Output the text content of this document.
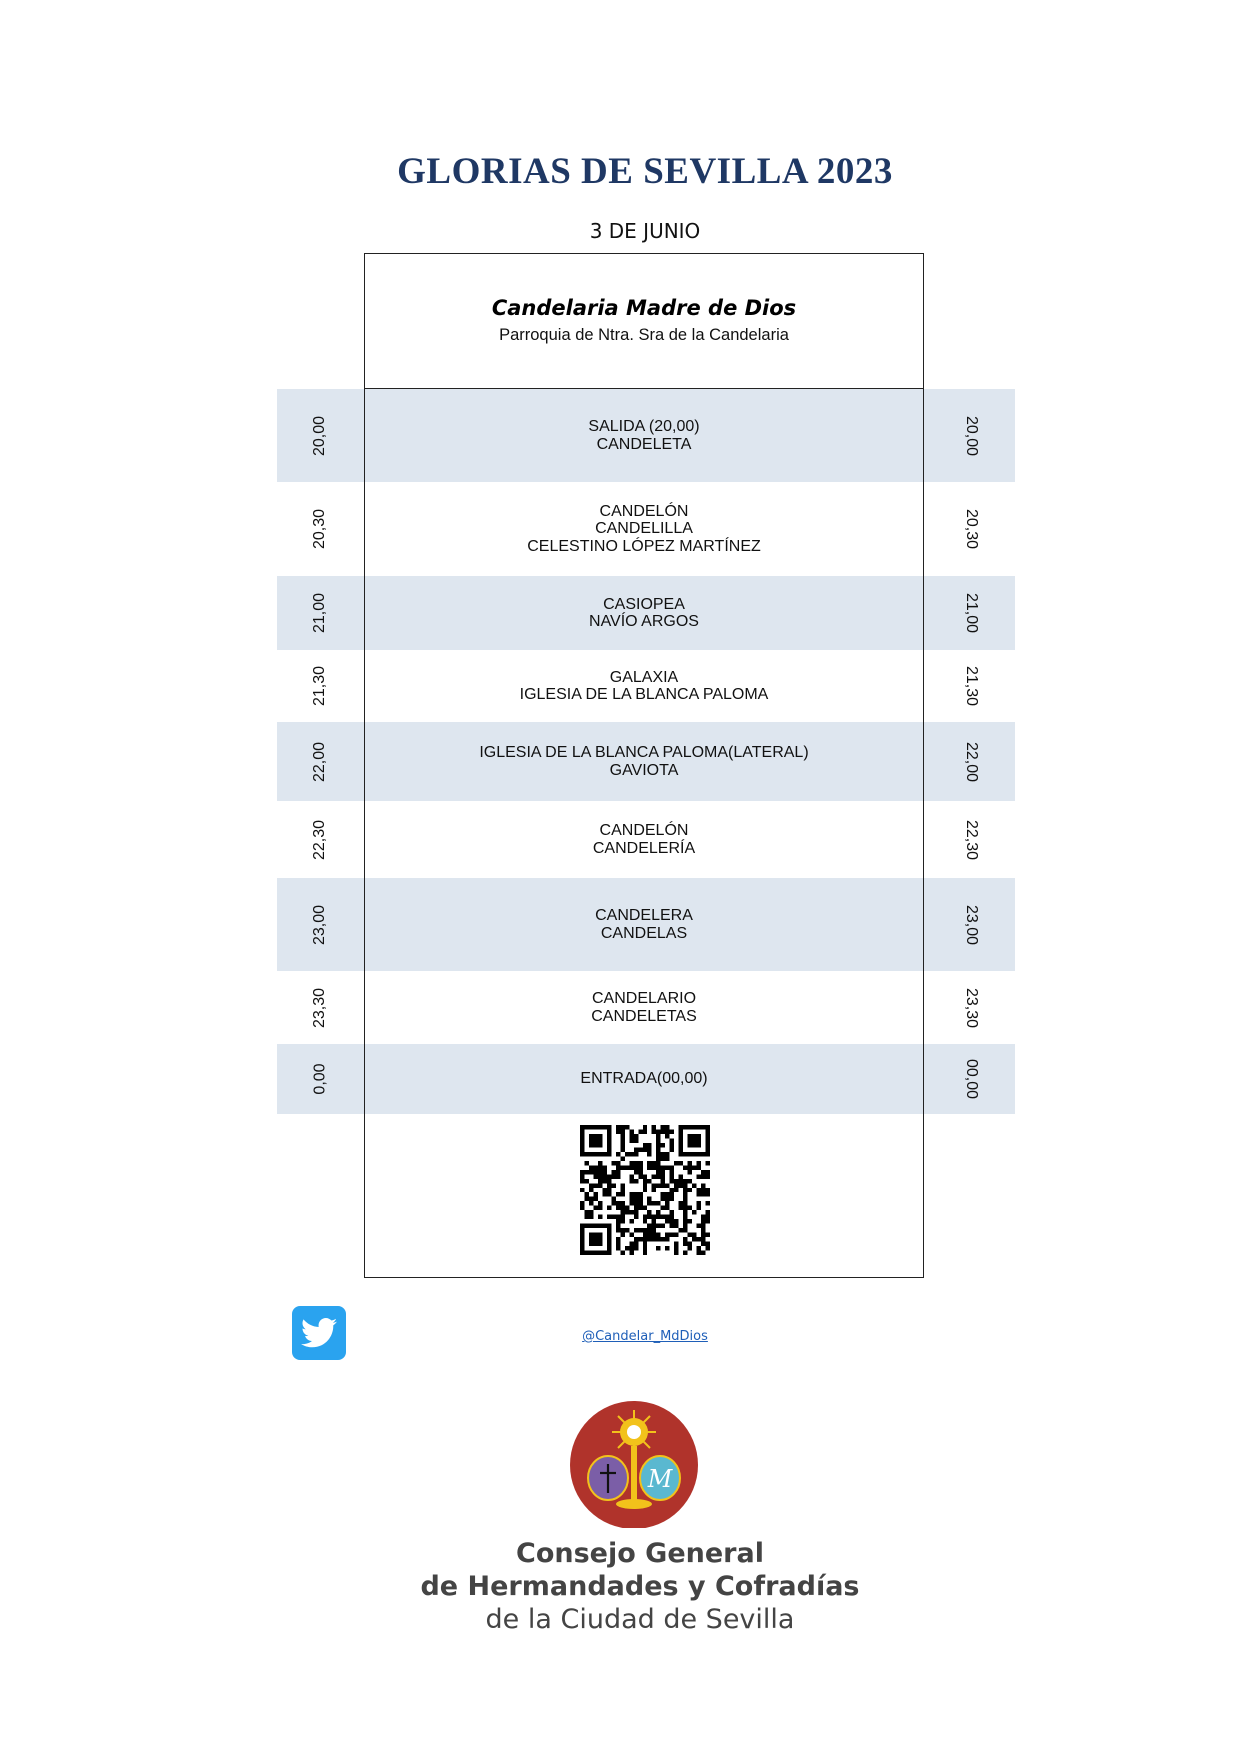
GLORIAS DE SEVILLA 2023
3 DE JUNIO
Candelaria Madre de Dios
Parroquia de Ntra. Sra de la Candelaria
20,00	SALIDA (20,00)
CANDELETA	20,00
20,30	CANDELÓN
CANDELILLA
CELESTINO LÓPEZ MARTÍNEZ	20,30
21,00	CASIOPEA
NAVÍO ARGOS	21,00
21,30	GALAXIA
IGLESIA DE LA BLANCA PALOMA	21,30
22,00	IGLESIA DE LA BLANCA PALOMA(LATERAL)
GAVIOTA	22,00
22,30	CANDELÓN
CANDELERÍA	22,30
23,00	CANDELERA
CANDELAS	23,00
23,30	CANDELARIO
CANDELETAS	23,30
0,00	ENTRADA(00,00)	00,00
@Candelar_MdDios
M
Consejo General
de Hermandades y Cofradías
de la Ciudad de Sevilla
